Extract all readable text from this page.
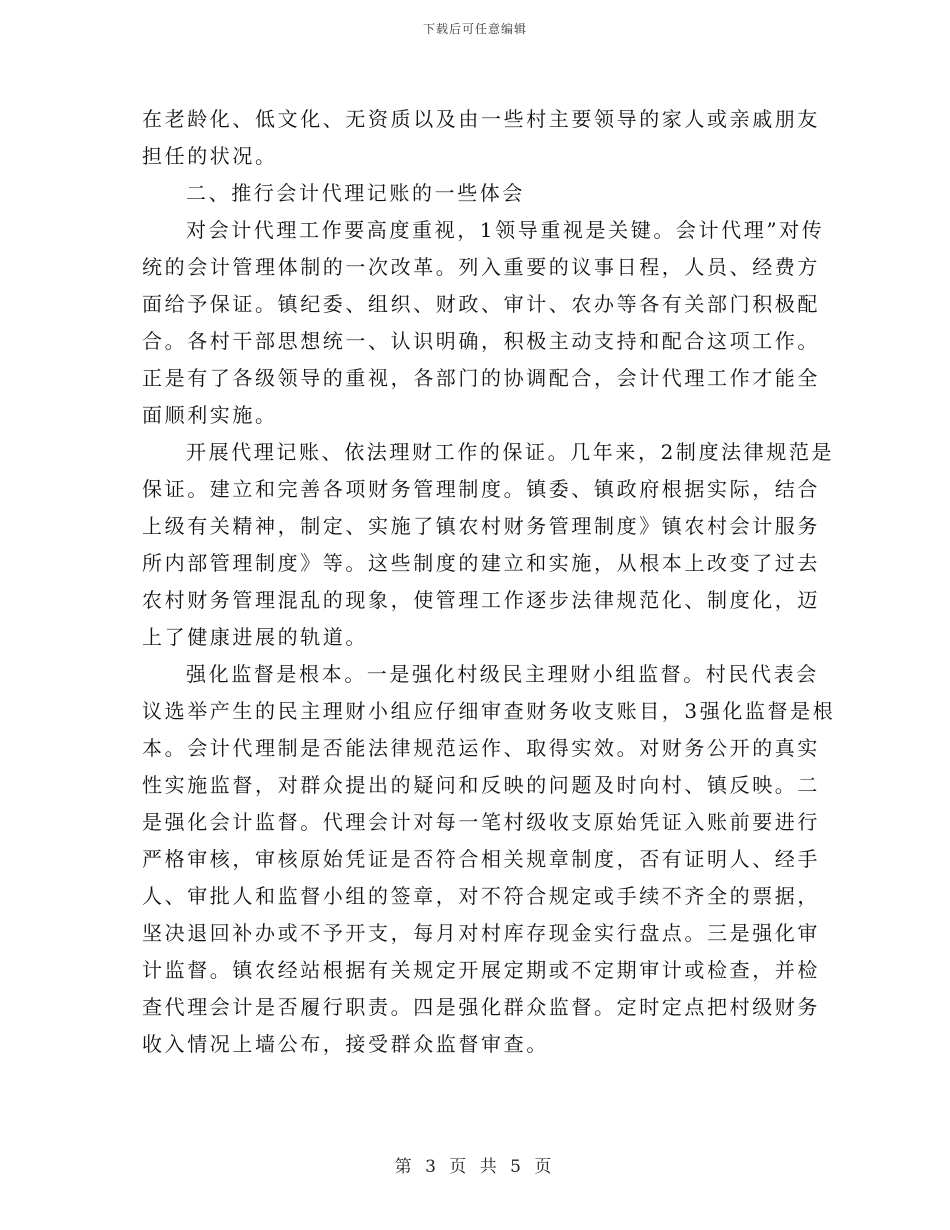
下载后可任意编辑
在老龄化、低文化、无资质以及由一些村主要领导的家人或亲戚朋友
担任的状况。
二、推行会计代理记账的一些体会
对会计代理工作要高度重视，1领导重视是关键。会计代理”对传
统的会计管理体制的一次改革。列入重要的议事日程，人员、经费方
面给予保证。镇纪委、组织、财政、审计、农办等各有关部门积极配
合。各村干部思想统一、认识明确，积极主动支持和配合这项工作。
正是有了各级领导的重视，各部门的协调配合，会计代理工作才能全
面顺利实施。
开展代理记账、依法理财工作的保证。几年来，2制度法律规范是
保证。建立和完善各项财务管理制度。镇委、镇政府根据实际，结合
上级有关精神，制定、实施了镇农村财务管理制度》镇农村会计服务
所内部管理制度》等。这些制度的建立和实施，从根本上改变了过去
农村财务管理混乱的现象，使管理工作逐步法律规范化、制度化，迈
上了健康进展的轨道。
强化监督是根本。一是强化村级民主理财小组监督。村民代表会
议选举产生的民主理财小组应仔细审查财务收支账目，3强化监督是根
本。会计代理制是否能法律规范运作、取得实效。对财务公开的真实
性实施监督，对群众提出的疑问和反映的问题及时向村、镇反映。二
是强化会计监督。代理会计对每一笔村级收支原始凭证入账前要进行
严格审核，审核原始凭证是否符合相关规章制度，否有证明人、经手
人、审批人和监督小组的签章，对不符合规定或手续不齐全的票据，
坚决退回补办或不予开支，每月对村库存现金实行盘点。三是强化审
计监督。镇农经站根据有关规定开展定期或不定期审计或检查，并检
查代理会计是否履行职责。四是强化群众监督。定时定点把村级财务
收入情况上墙公布，接受群众监督审查。
第 3 页 共 5 页
